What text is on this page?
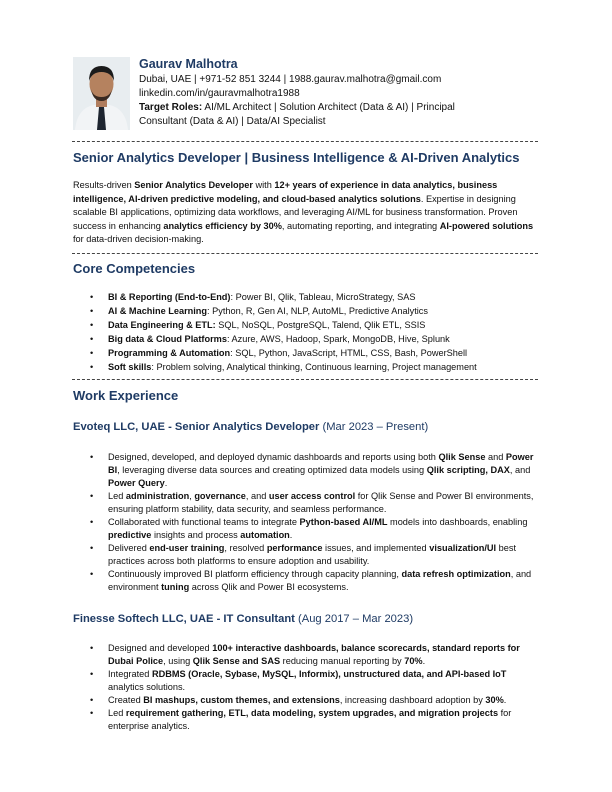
Gaurav Malhotra
Dubai, UAE | +971-52 851 3244 | 1988.gaurav.malhotra@gmail.com
linkedin.com/in/gauravmalhotra1988
Target Roles: AI/ML Architect | Solution Architect (Data & AI) | Principal Consultant (Data & AI) | Data/AI Specialist
Senior Analytics Developer | Business Intelligence & AI-Driven Analytics
Results-driven Senior Analytics Developer with 12+ years of experience in data analytics, business intelligence, AI-driven predictive modeling, and cloud-based analytics solutions. Expertise in designing scalable BI applications, optimizing data workflows, and leveraging AI/ML for business transformation. Proven success in enhancing analytics efficiency by 30%, automating reporting, and integrating AI-powered solutions for data-driven decision-making.
Core Competencies
• BI & Reporting (End-to-End): Power BI, Qlik, Tableau, MicroStrategy, SAS
• AI & Machine Learning: Python, R, Gen AI, NLP, AutoML, Predictive Analytics
• Data Engineering & ETL: SQL, NoSQL, PostgreSQL, Talend, Qlik ETL, SSIS
• Big data & Cloud Platforms: Azure, AWS, Hadoop, Spark, MongoDB, Hive, Splunk
• Programming & Automation: SQL, Python, JavaScript, HTML, CSS, Bash, PowerShell
• Soft skills: Problem solving, Analytical thinking, Continuous learning, Project management
Work Experience
Evoteq LLC, UAE - Senior Analytics Developer (Mar 2023 – Present)
• Designed, developed, and deployed dynamic dashboards and reports using both Qlik Sense and Power BI, leveraging diverse data sources and creating optimized data models using Qlik scripting, DAX, and Power Query.
• Led administration, governance, and user access control for Qlik Sense and Power BI environments, ensuring platform stability, data security, and seamless performance.
• Collaborated with functional teams to integrate Python-based AI/ML models into dashboards, enabling predictive insights and process automation.
• Delivered end-user training, resolved performance issues, and implemented visualization/UI best practices across both platforms to ensure adoption and usability.
• Continuously improved BI platform efficiency through capacity planning, data refresh optimization, and environment tuning across Qlik and Power BI ecosystems.
Finesse Softech LLC, UAE - IT Consultant (Aug 2017 – Mar 2023)
• Designed and developed 100+ interactive dashboards, balance scorecards, standard reports for Dubai Police, using Qlik Sense and SAS reducing manual reporting by 70%.
• Integrated RDBMS (Oracle, Sybase, MySQL, Informix), unstructured data, and API-based IoT analytics solutions.
• Created BI mashups, custom themes, and extensions, increasing dashboard adoption by 30%.
• Led requirement gathering, ETL, data modeling, system upgrades, and migration projects for enterprise analytics.
